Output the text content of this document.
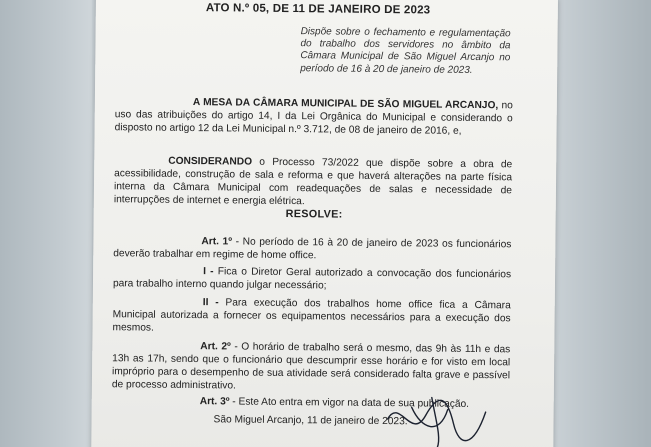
ATO N.º 05, DE 11 DE JANEIRO DE 2023
Dispõe sobre o fechamento e regulamentação do trabalho dos servidores no âmbito da Câmara Municipal de São Miguel Arcanjo no período de 16 à 20 de janeiro de 2023.
A MESA DA CÂMARA MUNICIPAL DE SÃO MIGUEL ARCANJO, no uso das atribuições do artigo 14, I da Lei Orgânica do Municipal e considerando o disposto no artigo 12 da Lei Municipal n.º 3.712, de 08 de janeiro de 2016, e,
CONSIDERANDO o Processo 73/2022 que dispõe sobre a obra de acessibilidade, construção de sala e reforma e que haverá alterações na parte física interna da Câmara Municipal com readequações de salas e necessidade de interrupções de internet e energia elétrica.
RESOLVE:
Art. 1º - No período de 16 à 20 de janeiro de 2023 os funcionários deverão trabalhar em regime de home office.
I - Fica o Diretor Geral autorizado a convocação dos funcionários para trabalho interno quando julgar necessário;
II - Para execução dos trabalhos home office fica a Câmara Municipal autorizada a fornecer os equipamentos necessários para a execução dos mesmos.
Art. 2º - O horário de trabalho será o mesmo, das 9h às 11h e das 13h as 17h, sendo que o funcionário que descumprir esse horário e for visto em local impróprio para o desempenho de sua atividade será considerado falta grave e passível de processo administrativo.
Art. 3º - Este Ato entra em vigor na data de sua publicação.
São Miguel Arcanjo, 11 de janeiro de 2023.
